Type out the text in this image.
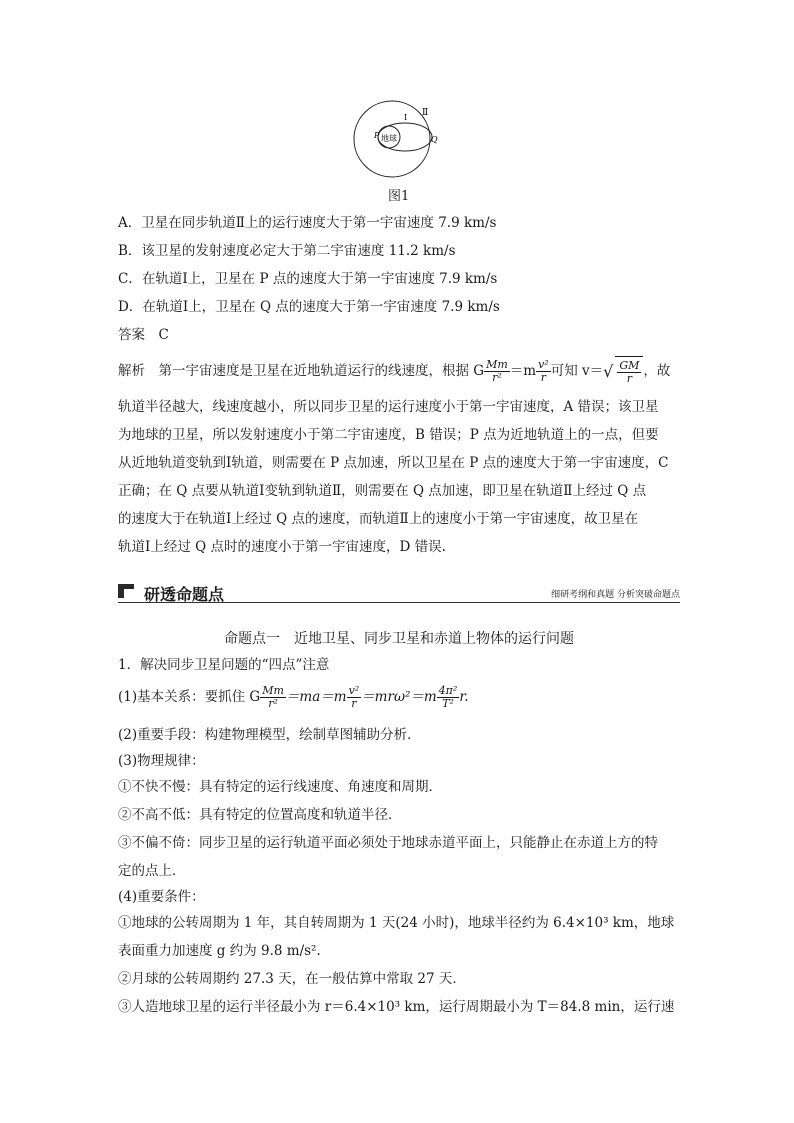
Ⅱ
Ⅰ
P 地球	Q
图1
A．卫星在同步轨道Ⅱ上的运行速度大于第一宇宙速度 7.9 km/s
B．该卫星的发射速度必定大于第二宇宙速度 11.2 km/s
C．在轨道Ⅰ上，卫星在 P 点的速度大于第一宇宙速度 7.9 km/s
D．在轨道Ⅰ上，卫星在 Q 点的速度大于第一宇宙速度 7.9 km/s
答案　C
解析　第一宇宙速度是卫星在近地轨道运行的线速度，根据 G $\frac{Mm}{\text{r²}} =m \frac{\text{v²}}{r}$ 可知 $v=√ \frac{GM}{r}$ ，故
轨道半径越大，线速度越小，所以同步卫星的运行速度小于第一宇宙速度，A 错误；该卫星
为地球的卫星，所以发射速度小于第二宇宙速度，B 错误；P 点为近地轨道上的一点，但要
从近地轨道变轨到Ⅰ轨道，则需要在 P 点加速，所以卫星在 P 点的速度大于第一宇宙速度，C
正确；在 Q 点要从轨道Ⅰ变轨到轨道Ⅱ，则需要在 Q 点加速，即卫星在轨道Ⅱ上经过 Q 点
的速度大于在轨道Ⅰ上经过 Q 点的速度，而轨道Ⅱ上的速度小于第一宇宙速度，故卫星在
轨道Ⅰ上经过 Q 点时的速度小于第一宇宙速度，D 错误.
研透命题点	细研考纲和真题 分析突破命题点
命题点一　近地卫星、同步卫星和赤道上物体的运行问题
1．解决同步卫星问题的“四点”注意
(1)基本关系：要抓住 G $\frac{Mm}{\text{r²}} =ma=m \frac{\text{v²}}{r} =mr\omega^2=m \frac{\text{4π²}}{\text{T²}} r$.
(2)重要手段：构建物理模型，绘制草图辅助分析．
(3)物理规律：
①不快不慢：具有特定的运行线速度、角速度和周期．
②不高不低：具有特定的位置高度和轨道半径．
③不偏不倚：同步卫星的运行轨道平面必须处于地球赤道平面上，只能静止在赤道上方的特
定的点上．
(4)重要条件：
①地球的公转周期为 1 年，其自转周期为 1 天(24 小时)，地球半径约为 6.4×10³ km，地球
表面重力加速度 g 约为 9.8 m/s².
②月球的公转周期约 27.3 天，在一般估算中常取 27 天．
③人造地球卫星的运行半径最小为 r＝6.4×10³ km，运行周期最小为 T＝84.8 min，运行速
